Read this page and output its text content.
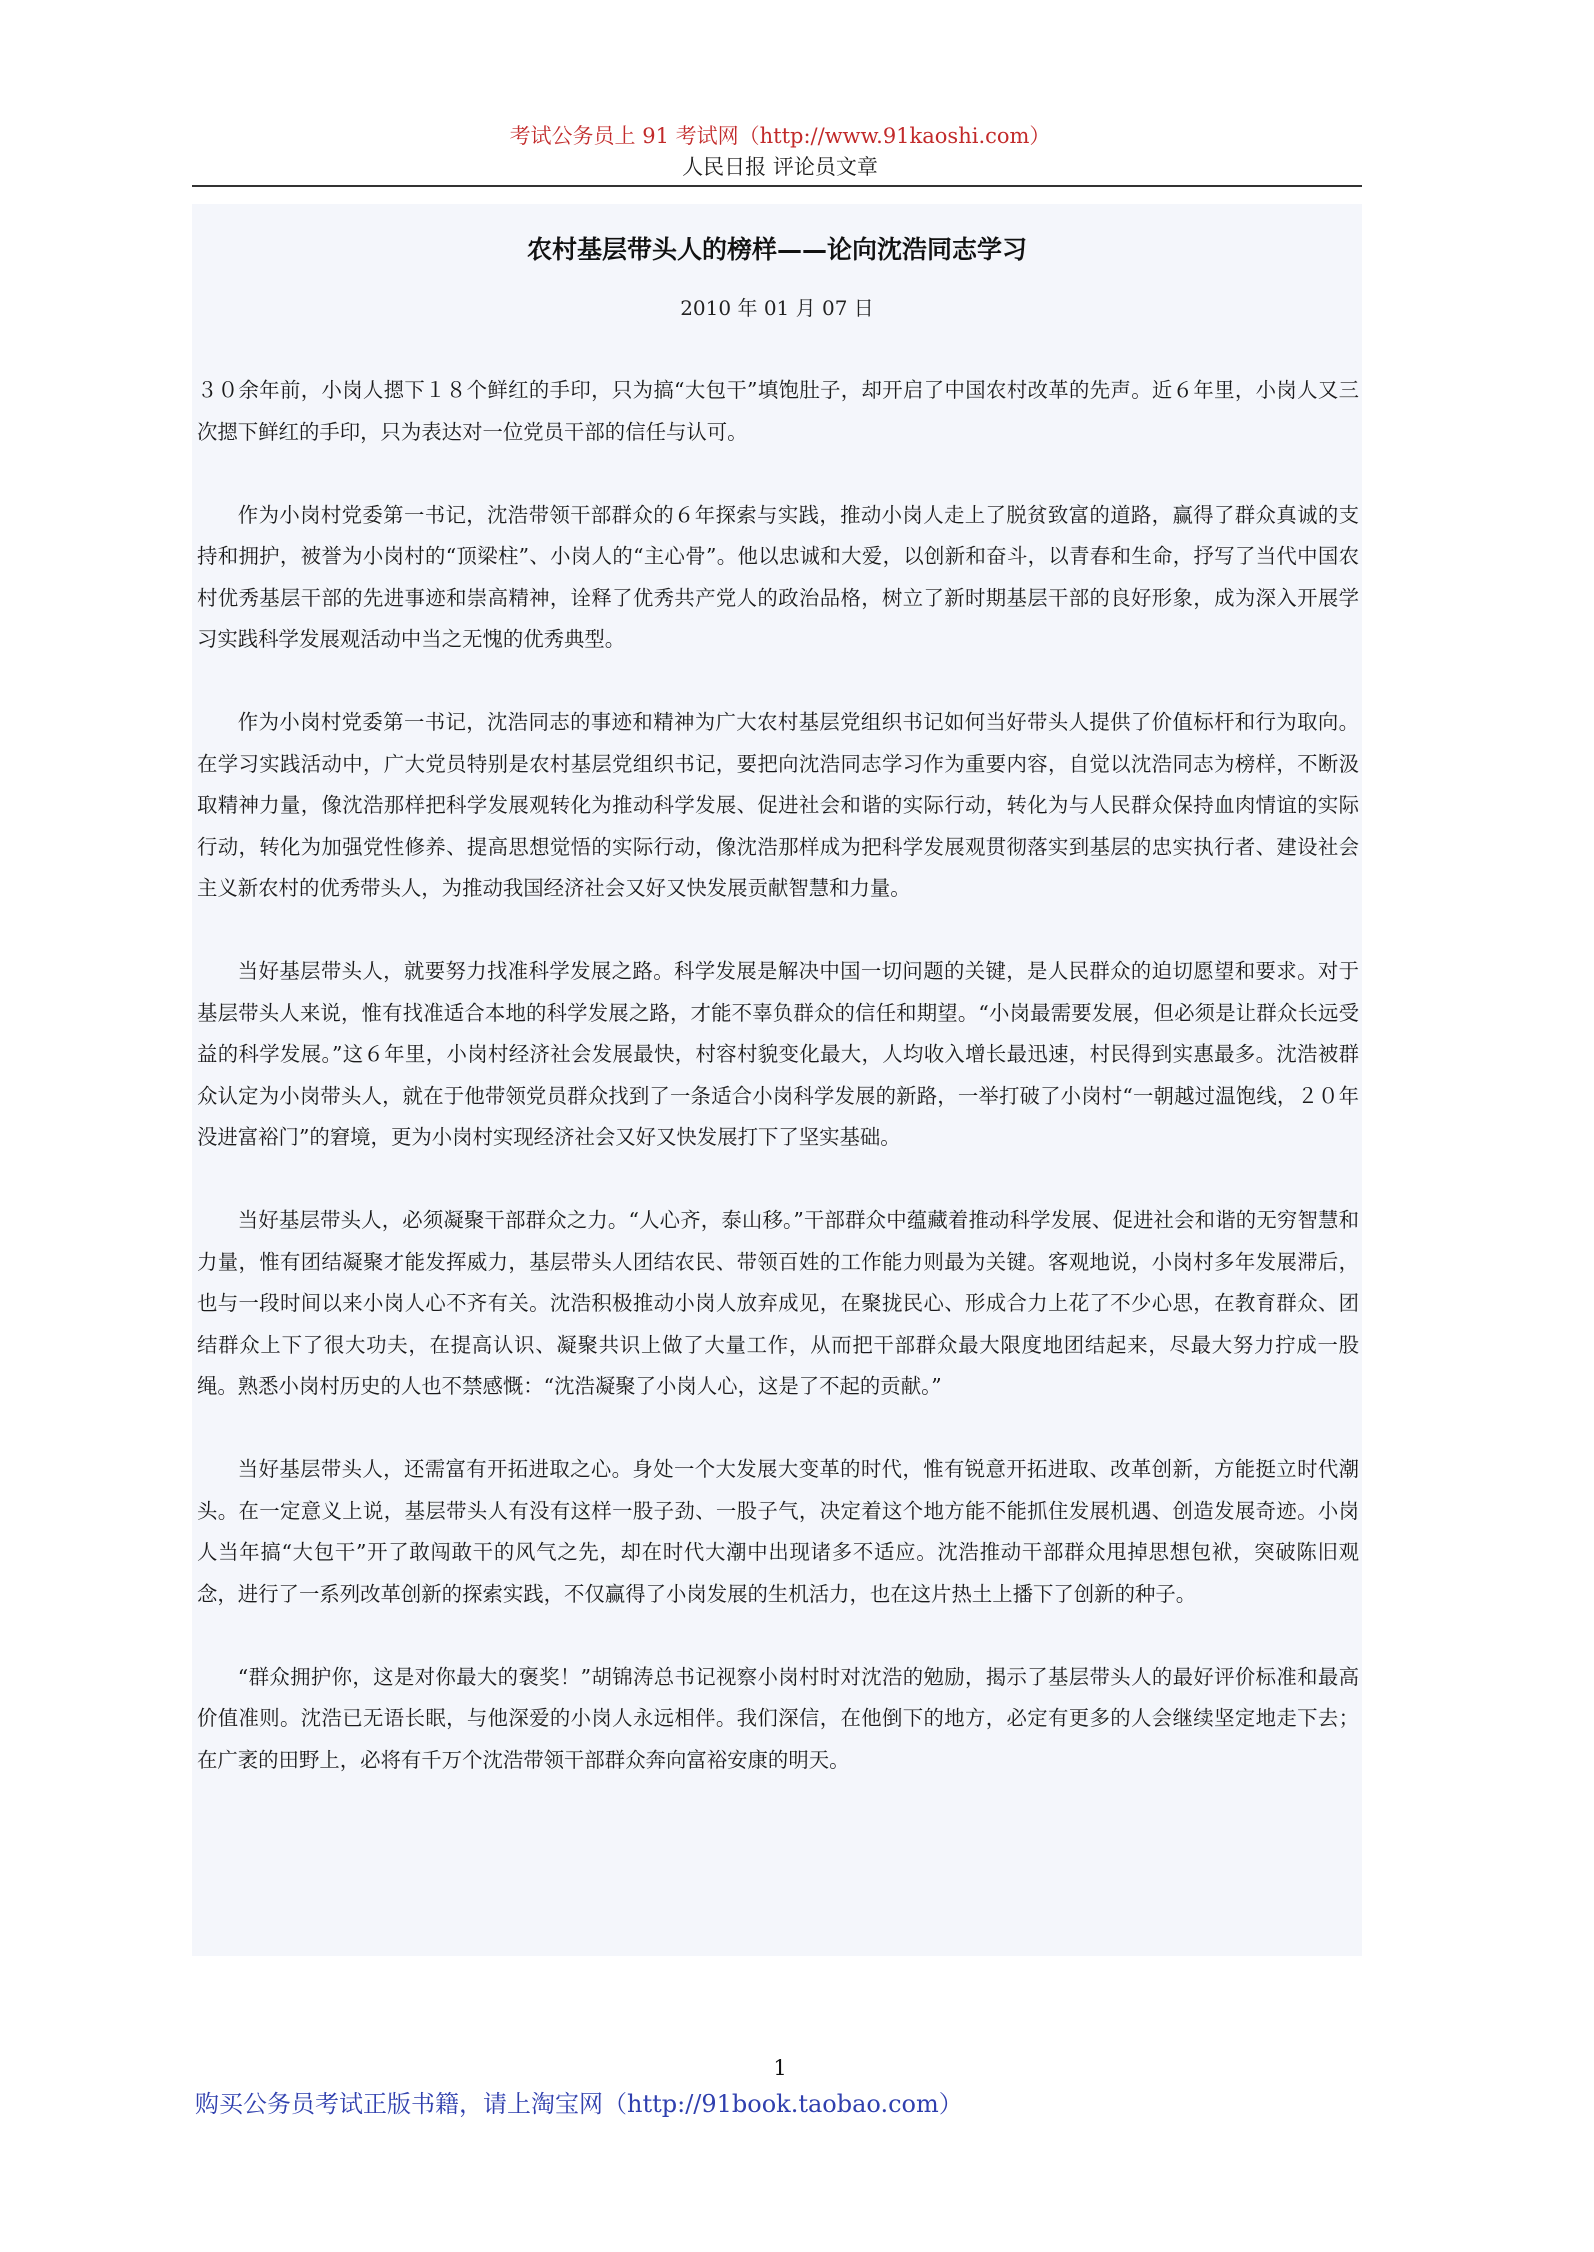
考试公务员上 91 考试网（http://www.91kaoshi.com）
人民日报 评论员文章
农村基层带头人的榜样——论向沈浩同志学习
2010 年 01 月 07 日

３０余年前，小岗人摁下１８个鲜红的手印，只为搞“大包干”填饱肚子，却开启了中国农村改革的先声。近６年里，小岗人又三次摁下鲜红的手印，只为表达对一位党员干部的信任与认可。

作为小岗村党委第一书记，沈浩带领干部群众的６年探索与实践，推动小岗人走上了脱贫致富的道路，赢得了群众真诚的支持和拥护，被誉为小岗村的“顶梁柱”、小岗人的“主心骨”。他以忠诚和大爱，以创新和奋斗，以青春和生命，抒写了当代中国农村优秀基层干部的先进事迹和崇高精神，诠释了优秀共产党人的政治品格，树立了新时期基层干部的良好形象，成为深入开展学习实践科学发展观活动中当之无愧的优秀典型。

作为小岗村党委第一书记，沈浩同志的事迹和精神为广大农村基层党组织书记如何当好带头人提供了价值标杆和行为取向。在学习实践活动中，广大党员特别是农村基层党组织书记，要把向沈浩同志学习作为重要内容，自觉以沈浩同志为榜样，不断汲取精神力量，像沈浩那样把科学发展观转化为推动科学发展、促进社会和谐的实际行动，转化为与人民群众保持血肉情谊的实际行动，转化为加强党性修养、提高思想觉悟的实际行动，像沈浩那样成为把科学发展观贯彻落实到基层的忠实执行者、建设社会主义新农村的优秀带头人，为推动我国经济社会又好又快发展贡献智慧和力量。

当好基层带头人，就要努力找准科学发展之路。科学发展是解决中国一切问题的关键，是人民群众的迫切愿望和要求。对于基层带头人来说，惟有找准适合本地的科学发展之路，才能不辜负群众的信任和期望。“小岗最需要发展，但必须是让群众长远受益的科学发展。”这６年里，小岗村经济社会发展最快，村容村貌变化最大，人均收入增长最迅速，村民得到实惠最多。沈浩被群众认定为小岗带头人，就在于他带领党员群众找到了一条适合小岗科学发展的新路，一举打破了小岗村“一朝越过温饱线，２０年没进富裕门”的窘境，更为小岗村实现经济社会又好又快发展打下了坚实基础。

当好基层带头人，必须凝聚干部群众之力。“人心齐，泰山移。”干部群众中蕴藏着推动科学发展、促进社会和谐的无穷智慧和力量，惟有团结凝聚才能发挥威力，基层带头人团结农民、带领百姓的工作能力则最为关键。客观地说，小岗村多年发展滞后，也与一段时间以来小岗人心不齐有关。沈浩积极推动小岗人放弃成见，在聚拢民心、形成合力上花了不少心思，在教育群众、团结群众上下了很大功夫，在提高认识、凝聚共识上做了大量工作，从而把干部群众最大限度地团结起来，尽最大努力拧成一股绳。熟悉小岗村历史的人也不禁感慨：“沈浩凝聚了小岗人心，这是了不起的贡献。”

当好基层带头人，还需富有开拓进取之心。身处一个大发展大变革的时代，惟有锐意开拓进取、改革创新，方能挺立时代潮头。在一定意义上说，基层带头人有没有这样一股子劲、一股子气，决定着这个地方能不能抓住发展机遇、创造发展奇迹。小岗人当年搞“大包干”开了敢闯敢干的风气之先，却在时代大潮中出现诸多不适应。沈浩推动干部群众甩掉思想包袱，突破陈旧观念，进行了一系列改革创新的探索实践，不仅赢得了小岗发展的生机活力，也在这片热土上播下了创新的种子。

“群众拥护你，这是对你最大的褒奖！”胡锦涛总书记视察小岗村时对沈浩的勉励，揭示了基层带头人的最好评价标准和最高价值准则。沈浩已无语长眠，与他深爱的小岗人永远相伴。我们深信，在他倒下的地方，必定有更多的人会继续坚定地走下去；在广袤的田野上，必将有千万个沈浩带领干部群众奔向富裕安康的明天。

1
购买公务员考试正版书籍，请上淘宝网（http://91book.taobao.com）
